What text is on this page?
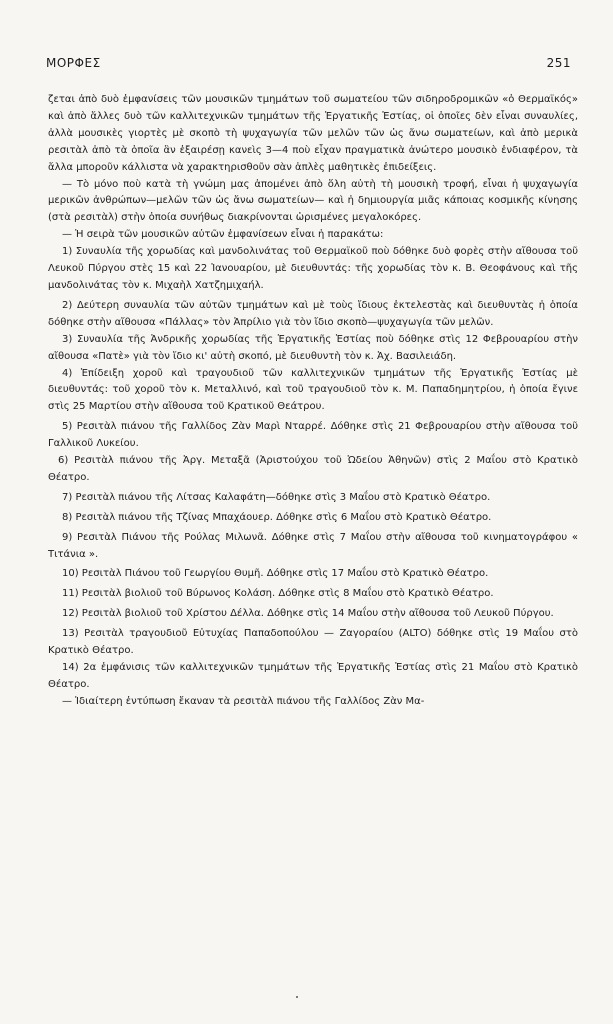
ΜΟΡΦΕΣ	251

ζεται ἀπὸ δυὸ ἐμφανίσεις τῶν μουσικῶν τμημάτων τοῦ σωματείου τῶν σιδηροδρομικῶν «ὁ Θερμαϊκός» καὶ ἀπὸ ἄλλες δυὸ τῶν καλλιτεχνικῶν τμημάτων τῆς Ἐργατικῆς Ἑστίας, οἱ ὁποῖες δὲν εἶναι συναυλίες, ἀλλὰ μουσικὲς γιορτὲς μὲ σκοπὸ τὴ ψυχαγωγία τῶν μελῶν τῶν ὡς ἄνω σωματείων, καὶ ἀπὸ μερικὰ ρεσιτὰλ ἀπὸ τὰ ὁποῖα ἂν ἐξαιρέσῃ κανεὶς 3—4 ποὺ εἶχαν πραγματικὰ ἀνώτερο μουσικὸ ἐνδιαφέρον, τὰ ἄλλα μποροῦν κάλλιστα νὰ χαρακτηρισθοῦν σὰν ἁπλὲς μαθητικὲς ἐπιδείξεις.

— Τὸ μόνο ποὺ κατὰ τὴ γνώμη μας ἀπομένει ἀπὸ ὅλη αὐτὴ τὴ μουσικὴ τροφή, εἶναι ἡ ψυχαγωγία μερικῶν ἀνθρώπων—μελῶν τῶν ὡς ἄνω σωματείων— καὶ ἡ δημιουργία μιᾶς κάποιας κοσμικῆς κίνησης (στὰ ρεσιτὰλ) στὴν ὁποία συνήθως διακρίνονται ὡρισμένες μεγαλοκόρες.

— Ἡ σειρὰ τῶν μουσικῶν αὐτῶν ἐμφανίσεων εἶναι ἡ παρακάτω:

1) Συναυλία τῆς χορωδίας καὶ μανδολινάτας τοῦ Θερμαϊκοῦ ποὺ δόθηκε δυὸ φορὲς στὴν αἴθουσα τοῦ Λευκοῦ Πύργου στὲς 15 καὶ 22 Ἰανουαρίου, μὲ διευθυντάς: τῆς χορωδίας τὸν κ. Β. Θεοφάνους καὶ τῆς μανδολινάτας τὸν κ. Μιχαὴλ Χατζημιχαήλ.

2) Δεύτερη συναυλία τῶν αὐτῶν τμημάτων καὶ μὲ τοὺς ἴδιους ἐκτελεστὰς καὶ διευθυντὰς ἡ ὁποία δόθηκε στὴν αἴθουσα «Πάλλας» τὸν Ἀπρίλιο γιὰ τὸν ἴδιο σκοπὸ—ψυχαγωγία τῶν μελῶν.

3) Συναυλία τῆς Ἀνδρικῆς χορωδίας τῆς Ἐργατικῆς Ἑστίας ποὺ δόθηκε στὶς 12 Φεβρουαρίου στὴν αἴθουσα «Πατὲ» γιὰ τὸν ἴδιο κι' αὐτὴ σκοπό, μὲ διευθυντὴ τὸν κ. Ἀχ. Βασιλειάδη.

4) Ἐπίδειξη χοροῦ καὶ τραγουδιοῦ τῶν καλλιτεχνικῶν τμημάτων τῆς Ἐργατικῆς Ἑστίας μὲ διευθυντάς: τοῦ χοροῦ τὸν κ. Μεταλλινό, καὶ τοῦ τραγουδιοῦ τὸν κ. Μ. Παπαδημητρίου, ἡ ὁποία ἔγινε στὶς 25 Μαρτίου στὴν αἴθουσα τοῦ Κρατικοῦ Θεάτρου.

5) Ρεσιτὰλ πιάνου τῆς Γαλλίδος Ζὰν Μαρὶ Νταρρέ. Δόθηκε στὶς 21 Φεβρουαρίου στὴν αἴθουσα τοῦ Γαλλικοῦ Λυκείου.

6) Ρεσιτὰλ πιάνου τῆς Ἀργ. Μεταξᾶ (Ἀριστούχου τοῦ Ὠδείου Ἀθηνῶν) στὶς 2 Μαΐου στὸ Κρατικὸ Θέατρο.

7) Ρεσιτὰλ πιάνου τῆς Λίτσας Καλαφάτη—δόθηκε στὶς 3 Μαΐου στὸ Κρατικὸ Θέατρο.

8) Ρεσιτὰλ πιάνου τῆς Τζίνας Μπαχάουερ. Δόθηκε στὶς 6 Μαΐου στὸ Κρατικὸ Θέατρο.

9) Ρεσιτὰλ Πιάνου τῆς Ρούλας Μιλωνᾶ. Δόθηκε στὶς 7 Μαΐου στὴν αἴθουσα τοῦ κινηματογράφου « Τιτάνια ».

10) Ρεσιτὰλ Πιάνου τοῦ Γεωργίου Θυμῆ. Δόθηκε στὶς 17 Μαΐου στὸ Κρατικὸ Θέατρο.

11) Ρεσιτὰλ βιολιοῦ τοῦ Βύρωνος Κολάση. Δόθηκε στὶς 8 Μαΐου στὸ Κρατικὸ Θέατρο.

12) Ρεσιτὰλ βιολιοῦ τοῦ Χρίστου Δέλλα. Δόθηκε στὶς 14 Μαΐου στὴν αἴθουσα τοῦ Λευκοῦ Πύργου.

13) Ρεσιτὰλ τραγουδιοῦ Εὐτυχίας Παπαδοπούλου — Ζαγοραίου (ALTO) δόθηκε στὶς 19 Μαΐου στὸ Κρατικὸ Θέατρο.

14) 2α ἐμφάνισις τῶν καλλιτεχνικῶν τμημάτων τῆς Ἐργατικῆς Ἑστίας στὶς 21 Μαΐου στὸ Κρατικὸ Θέατρο.

— Ἰδιαίτερη ἐντύπωση ἔκαναν τὰ ρεσιτὰλ πιάνου τῆς Γαλλίδος Ζὰν Μα-
